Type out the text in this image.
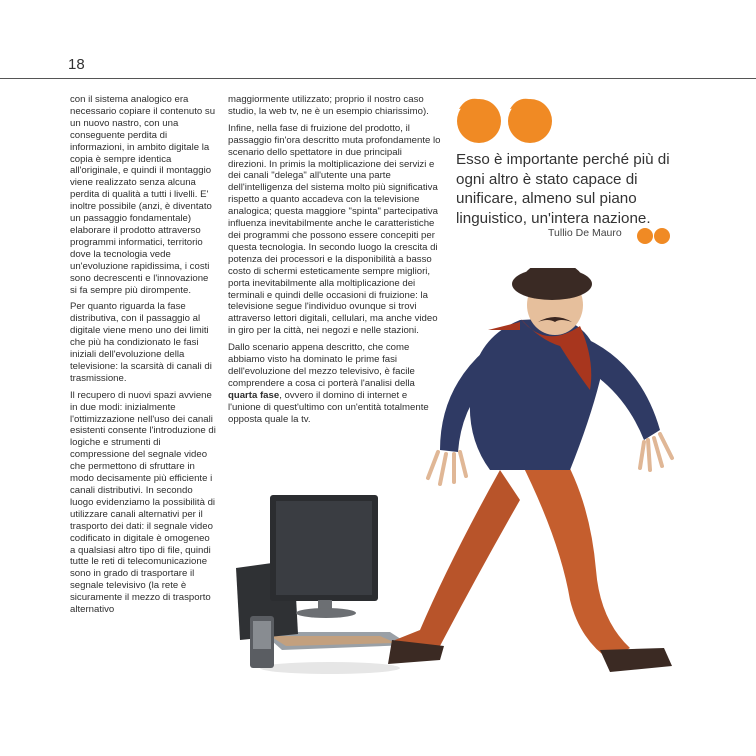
18

con il sistema analogico era necessario copiare il contenuto su un nuovo nastro, con una conseguente perdita di informazioni, in ambito digitale la copia è sempre identica all'originale, e quindi il montaggio viene realizzato senza alcuna perdita di qualità a tutti i livelli. E' inoltre possibile (anzi, è diventato un passaggio fondamentale) elaborare il prodotto attraverso programmi informatici, territorio dove la tecnologia vede un'evoluzione rapidissima, i costi sono decrescenti e l'innovazione si fa sempre più dirompente.

Per quanto riguarda la fase distributiva, con il passaggio al digitale viene meno uno dei limiti che più ha condizionato le fasi iniziali dell'evoluzione della televisione: la scarsità di canali di trasmissione.

Il recupero di nuovi spazi avviene in due modi: inizialmente l'ottimizzazione nell'uso dei canali esistenti consente l'introduzione di logiche e strumenti di compressione del segnale video che permettono di sfruttare in modo decisamente più efficiente i canali distributivi. In secondo luogo evidenziamo la possibilità di utilizzare canali alternativi per il trasporto dei dati: il segnale video codificato in digitale è omogeneo a qualsiasi altro tipo di file, quindi tutte le reti di telecomunicazione sono in grado di trasportare il segnale televisivo (la rete è sicuramente il mezzo di trasporto alternativo

maggiormente utilizzato; proprio il nostro caso studio, la web tv, ne è un esempio chiarissimo).

Infine, nella fase di fruizione del prodotto, il passaggio fin'ora descritto muta profondamente lo scenario dello spettatore in due principali direzioni. In primis la moltiplicazione dei servizi e dei canali "delega" all'utente una parte dell'intelligenza del sistema molto più significativa rispetto a quanto accadeva con la televisione analogica; questa maggiore "spinta" partecipativa influenza inevitabilmente anche le caratteristiche dei programmi che possono essere concepiti per questa tecnologia. In secondo luogo la crescita di potenza dei processori e la disponibilità a basso costo di schermi esteticamente sempre migliori, porta inevitabilmente alla moltiplicazione dei terminali e quindi delle occasioni di fruizione: la televisione segue l'individuo ovunque si trovi attraverso lettori digitali, cellulari, ma anche video in giro per la città, nei negozi e nelle stazioni.

Dallo scenario appena descritto, che come abbiamo visto ha dominato le prime fasi dell'evoluzione del mezzo televisivo, è facile comprendere a cosa ci porterà l'analisi della quarta fase, ovvero il domino di internet e l'unione di quest'ultimo con un'entità totalmente opposta quale la tv.

Esso è importante perché più di ogni altro è stato capace di unificare, almeno sul piano linguistico, un'intera nazione.
Tullio De Mauro
